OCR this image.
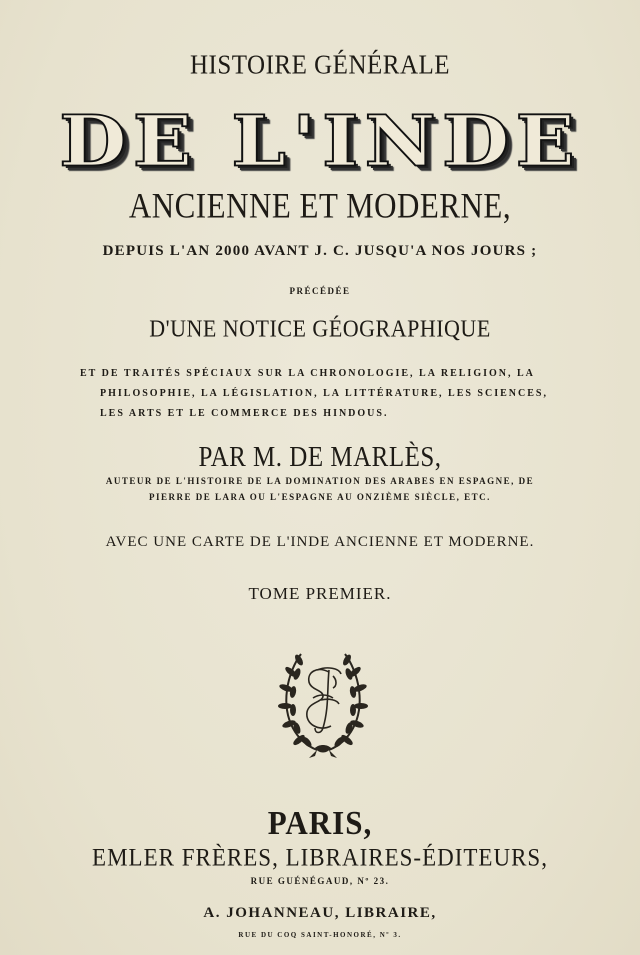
HISTOIRE GÉNÉRALE
DE L'INDE
ANCIENNE ET MODERNE,
DEPUIS L'AN 2000 AVANT J. C. JUSQU'A NOS JOURS ;
PRÉCÉDÉE
D'UNE NOTICE GÉOGRAPHIQUE
ET DE TRAITÉS SPÉCIAUX SUR LA CHRONOLOGIE, LA RELIGION, LA
PHILOSOPHIE, LA LÉGISLATION, LA LITTÉRATURE, LES SCIENCES,
LES ARTS ET LE COMMERCE DES HINDOUS.
PAR M. DE MARLÈS,
AUTEUR DE L'HISTOIRE DE LA DOMINATION DES ARABES EN ESPAGNE, DE
PIERRE DE LARA OU L'ESPAGNE AU ONZIÈME SIÈCLE, ETC.
AVEC UNE CARTE DE L'INDE ANCIENNE ET MODERNE.
TOME PREMIER.
PARIS,
EMLER FRÈRES, LIBRAIRES-ÉDITEURS,
RUE GUÉNÉGAUD, Nº 23.
A. JOHANNEAU, LIBRAIRE,
RUE DU COQ SAINT-HONORÉ, Nº 3.
